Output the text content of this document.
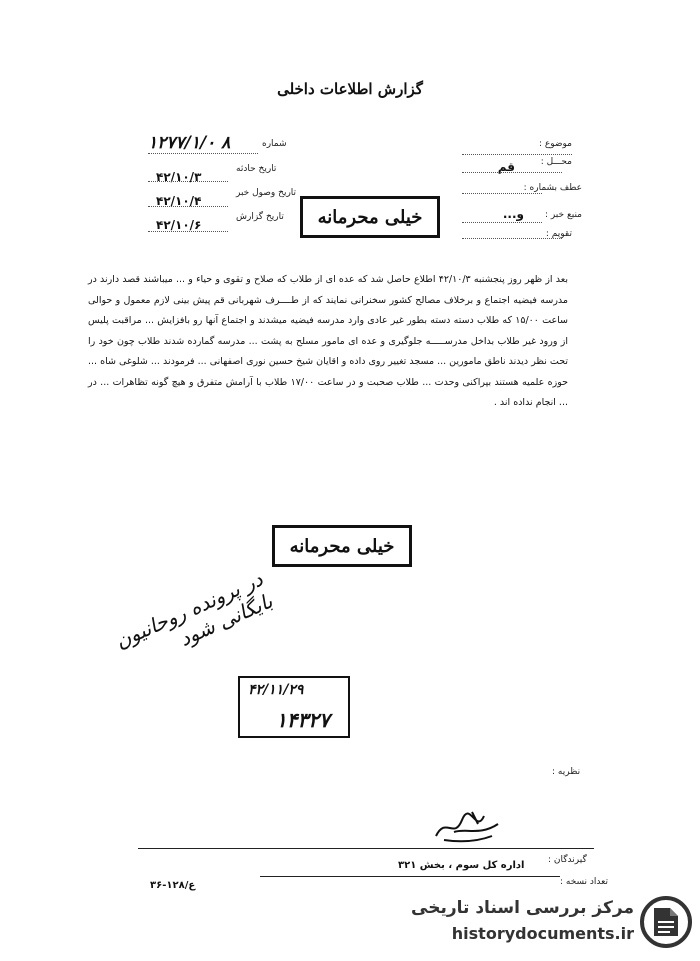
گزارش اطلاعات داخلی
موضوع :
محـــل :
قم
عطف بشماره :
منبع خبر :
و...
تقویم :
شماره
۱۲۷۷/۱/۰ ۸
تاریخ حادثه
۴۲/۱۰/۳
تاریخ وصول خبر
۴۲/۱۰/۴
تاریخ گزارش
۴۲/۱۰/۶	خیلی محرمانه
بعد از ظهر روز پنجشنبه ۴۲/۱۰/۳ اطلاع حاصل شد که عده ای از طلاب که صلاح و تقوی و حیاء و ... میباشند قصد دارند در مدرسه فیضیه اجتماع و برخلاف مصالح کشور سخنرانی نمایند که از طــــرف شهربانی قم پیش بینی لازم معمول و حوالی ساعت ۱۵/۰۰ که طلاب دسته دسته بطور غیر عادی وارد مدرسه فیضیه میشدند و اجتماع آنها رو بافزایش ... مراقبت پلیس از ورود غیر طلاب بداخل مدرســـــه جلوگیری و عده ای مامور مسلح به پشت ... مدرسه گمارده شدند طلاب چون خود را تحت نظر دیدند ناطق مامورین ... مسجد تغییر روی داده و اقایان شیخ حسین نوری اصفهانی ... فرمودند ... شلوغی شاه ... حوزه علمیه هستند بپراکنی وحدت ... طلاب صحبت و در ساعت ۱۷/۰۰ طلاب با آرامش متفرق و هیچ گونه تظاهرات ... در ... انجام نداده اند .
خیلی محرمانه
در پرونده روحانیون بایگانی شود
۴۲/۱۱/۲۹
۱۴۳۲۷
نظریه :
گیرندگان :
اداره کل سوم ، بخش ۳۲۱
تعداد نسخه :
ع/۱۲۸-۳۶
مرکز بررسی اسناد تاریخی
historydocuments.ir
